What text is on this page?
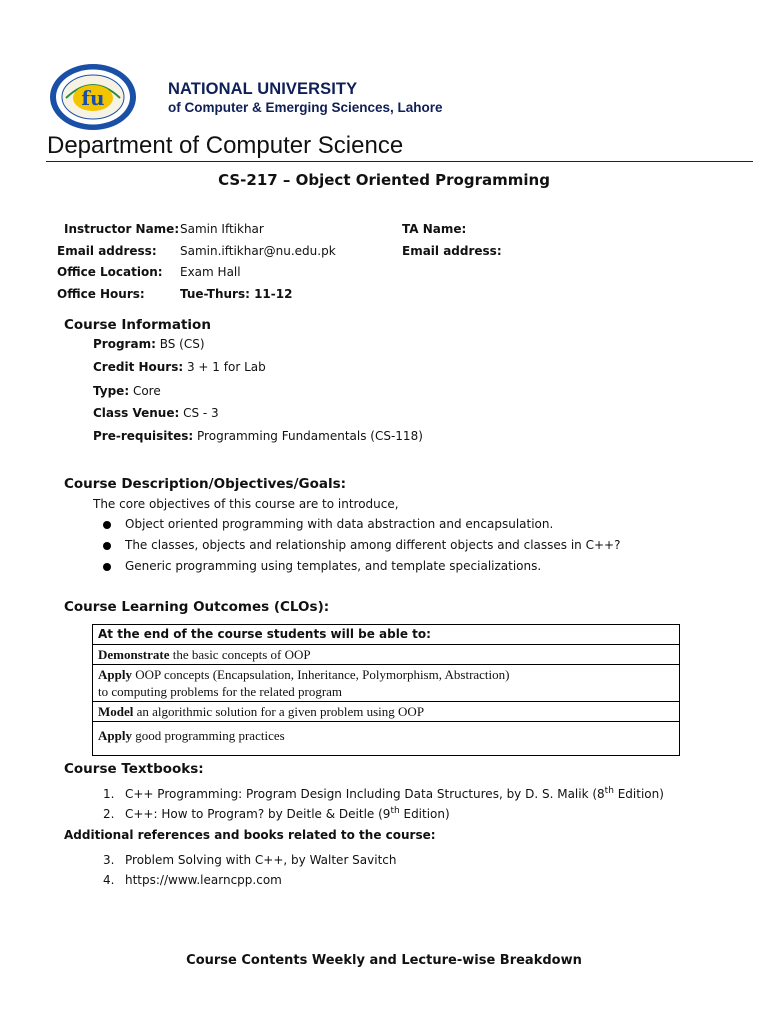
fu	NATIONAL UNIVERSITY
of Computer & Emerging Sciences, Lahore
Department of Computer Science
CS-217 – Object Oriented Programming
Instructor Name: Samin Iftikhar	TA Name:
Email address: Samin.iftikhar@nu.edu.pk	Email address:
Office Location: Exam Hall
Office Hours:	Tue-Thurs: 11-12
Course Information
Program: BS (CS)
Credit Hours: 3 + 1 for Lab
Type: Core
Class Venue: CS - 3
Pre-requisites: Programming Fundamentals (CS-118)
Course Description/Objectives/Goals:
The core objectives of this course are to introduce,
Object oriented programming with data abstraction and encapsulation.
The classes, objects and relationship among different objects and classes in C++?
Generic programming using templates, and template specializations.
Course Learning Outcomes (CLOs):
At the end of the course students will be able to:
Demonstrate the basic concepts of OOP
Apply OOP concepts (Encapsulation, Inheritance, Polymorphism, Abstraction)
to computing problems for the related program
Model an algorithmic solution for a given problem using OOP
Apply good programming practices
Course Textbooks:
1. C++ Programming: Program Design Including Data Structures, by D. S. Malik (8th Edition)
2. C++: How to Program? by Deitle & Deitle (9th Edition)
Additional references and books related to the course:
3. Problem Solving with C++, by Walter Savitch
4. https://www.learncpp.com
Course Contents Weekly and Lecture-wise Breakdown
